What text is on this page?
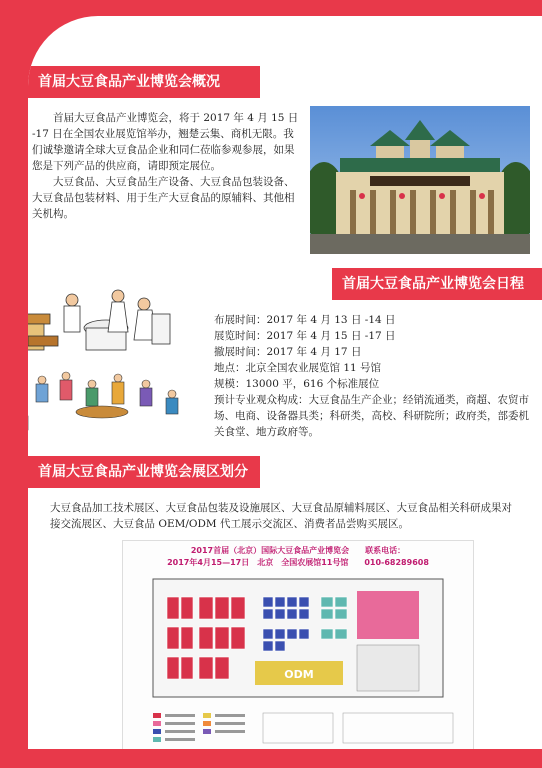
首届大豆食品产业博览会概况

首届大豆食品产业博览会，将于 2017 年 4 月 15 日 -17 日在全国农业展览馆举办，翘楚云集、商机无限。我们诚挚邀请全球大豆食品企业和同仁莅临参观参展，如果您是下列产品的供应商，请即预定展位。

大豆食品、大豆食品生产设备、大豆食品包装设备、大豆食品包装材料、用于生产大豆食品的原辅料、其他相关机构。

首届大豆食品产业博览会日程
布展时间：2017 年 4 月 13 日 -14 日
展览时间：2017 年 4 月 15 日 -17 日
撤展时间：2017 年 4 月 17 日
地点：北京全国农业展览馆 11 号馆
规模：13000 平，616 个标准展位
预计专业观众构成：大豆食品生产企业；经销流通类，商超、农贸市场、电商、设备器具类；科研类，高校、科研院所；政府类，部委机关食堂、地方政府等。
首届大豆食品产业博览会展区划分

大豆食品加工技术展区、大豆食品包装及设施展区、大豆食品原辅料展区、大豆食品相关科研成果对接交流展区、大豆食品 OEM/ODM 代工展示交流区、消费者品尝购买展区。

2017首届（北京）国际大豆食品产业博览会　　联系电话：
2017年4月15—17日　北京　全国农展馆11号馆　　010-68289608
ODM
